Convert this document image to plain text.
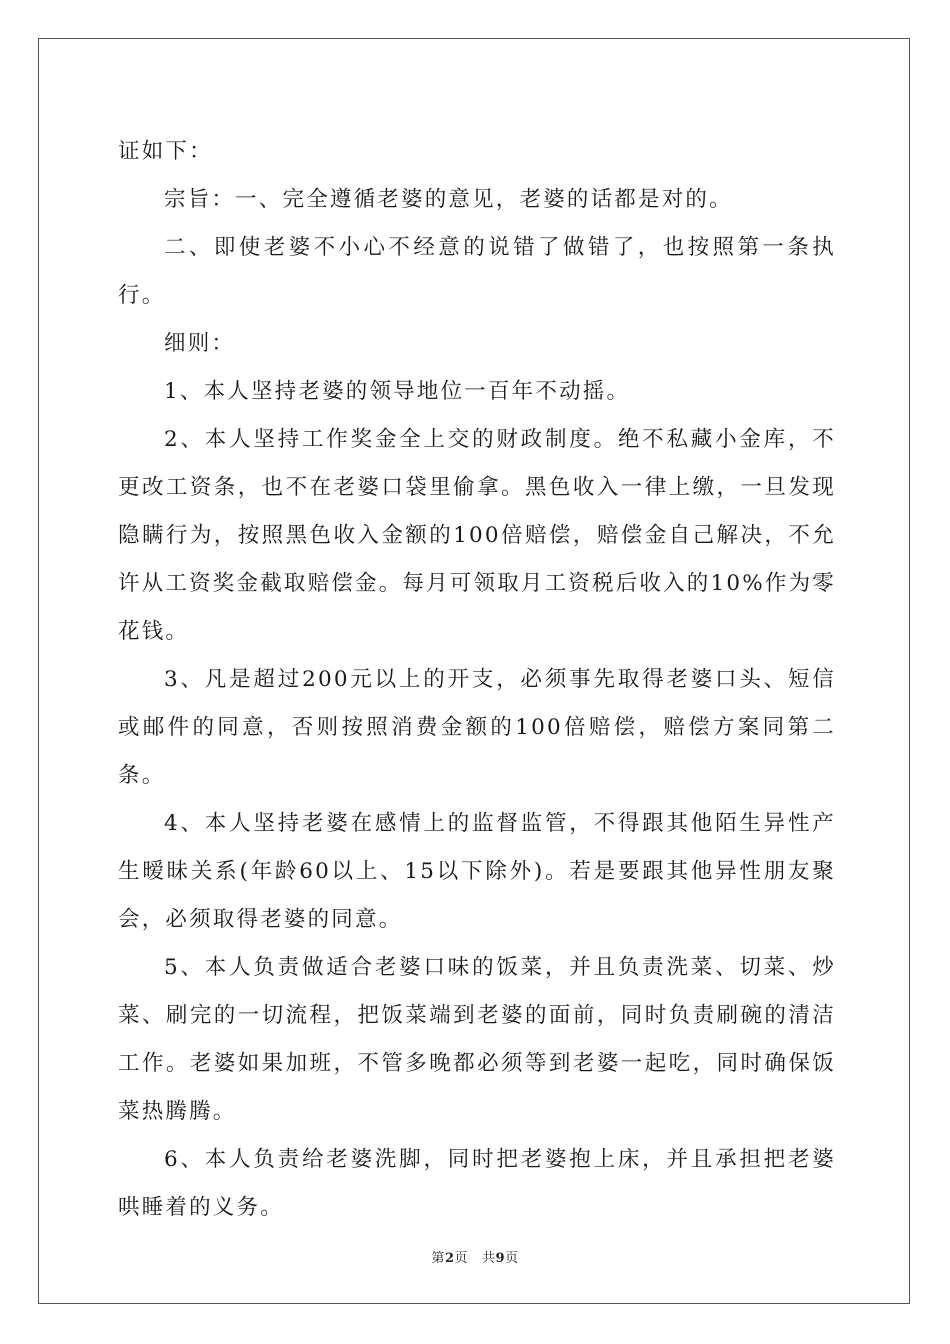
证如下：

宗旨：一、完全遵循老婆的意见，老婆的话都是对的。

二、即使老婆不小心不经意的说错了做错了，也按照第一条执行。

细则：

1、本人坚持老婆的领导地位一百年不动摇。

2、本人坚持工作奖金全上交的财政制度。绝不私藏小金库，不更改工资条，也不在老婆口袋里偷拿。黑色收入一律上缴，一旦发现隐瞒行为，按照黑色收入金额的100倍赔偿，赔偿金自己解决，不允许从工资奖金截取赔偿金。每月可领取月工资税后收入的10%作为零花钱。

3、凡是超过200元以上的开支，必须事先取得老婆口头、短信或邮件的同意，否则按照消费金额的100倍赔偿，赔偿方案同第二条。

4、本人坚持老婆在感情上的监督监管，不得跟其他陌生异性产生暧昧关系(年龄60以上、15以下除外)。若是要跟其他异性朋友聚会，必须取得老婆的同意。

5、本人负责做适合老婆口味的饭菜，并且负责洗菜、切菜、炒菜、刷完的一切流程，把饭菜端到老婆的面前，同时负责刷碗的清洁工作。老婆如果加班，不管多晚都必须等到老婆一起吃，同时确保饭菜热腾腾。

6、本人负责给老婆洗脚，同时把老婆抱上床，并且承担把老婆哄睡着的义务。

第2页 共9页
